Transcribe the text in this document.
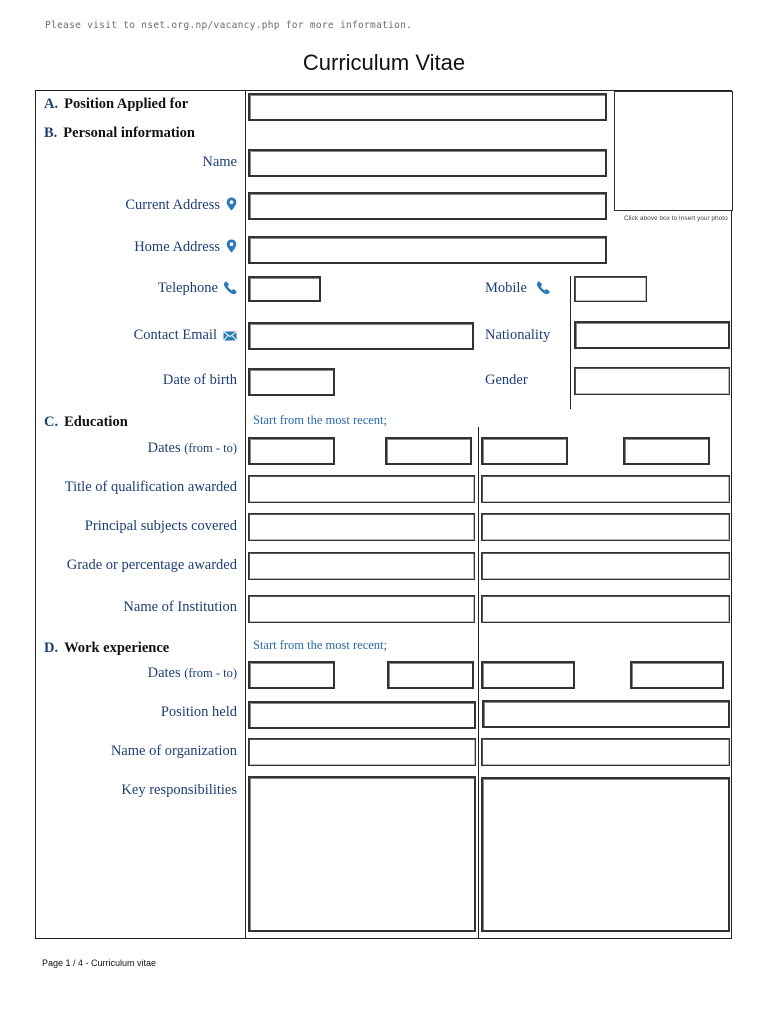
Please visit to nset.org.np/vacancy.php for more information.
Curriculum Vitae
A. Position Applied for
Click above box to Insert your photo
B. Personal information
Name
Current Address
Home Address
Telephone	Mobile
Contact Email	Nationality
Date of birth	Gender
C. Education	Start from the most recent;
Dates (from - to)
Title of qualification awarded
Principal subjects covered
Grade or percentage awarded
Name of Institution
D. Work experience	Start from the most recent;
Dates (from - to)
Position held
Name of organization
Key responsibilities
Page 1 / 4 - Curriculum vitae
